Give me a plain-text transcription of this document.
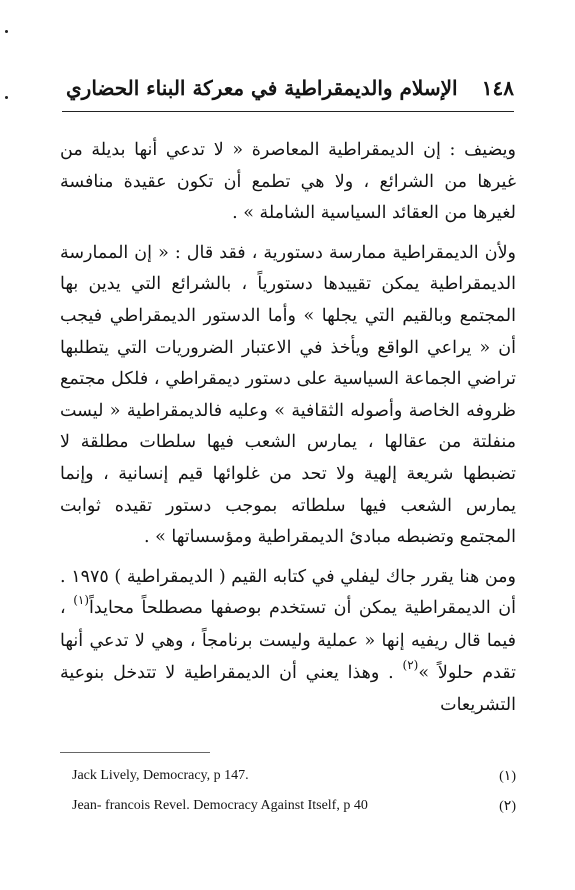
١٤٨
الإسلام والديمقراطية في معركة البناء الحضاري

ويضيف : إن الديمقراطية المعاصرة « لا تدعي أنها بديلة من غيرها من الشرائع ، ولا هي تطمع أن تكون عقيدة منافسة لغيرها من العقائد السياسية الشاملة » .

ولأن الديمقراطية ممارسة دستورية ، فقد قال : « إن الممارسة الديمقراطية يمكن تقييدها دستورياً ، بالشرائع التي يدين بها المجتمع وبالقيم التي يجلها » وأما الدستور الديمقراطي فيجب أن « يراعي الواقع ويأخذ في الاعتبار الضروريات التي يتطلبها تراضي الجماعة السياسية على دستور ديمقراطي ، فلكل مجتمع ظروفه الخاصة وأصوله الثقافية » وعليه فالديمقراطية « ليست منفلتة من عقالها ، يمارس الشعب فيها سلطات مطلقة لا تضبطها شريعة إلهية ولا تحد من غلوائها قيم إنسانية ، وإنما يمارس الشعب فيها سلطاته بموجب دستور تقيده ثوابت المجتمع وتضبطه مبادئ الديمقراطية ومؤسساتها » .

ومن هنا يقرر جاك ليفلي في كتابه القيم ( الديمقراطية ) ١٩٧٥ . أن الديمقراطية يمكن أن تستخدم بوصفها مصطلحاً محايداً$^{(١)}$ ، فيما قال ريفيه إنها « عملية وليست برنامجاً ، وهي لا تدعي أنها تقدم حلولاً »$^{(٢)}$ . وهذا يعني أن الديمقراطية لا تتدخل بنوعية التشريعات

Jack Lively, Democracy, p 147.	(١)
Jean- francois Revel. Democracy Against Itself, p 40	(٢)
